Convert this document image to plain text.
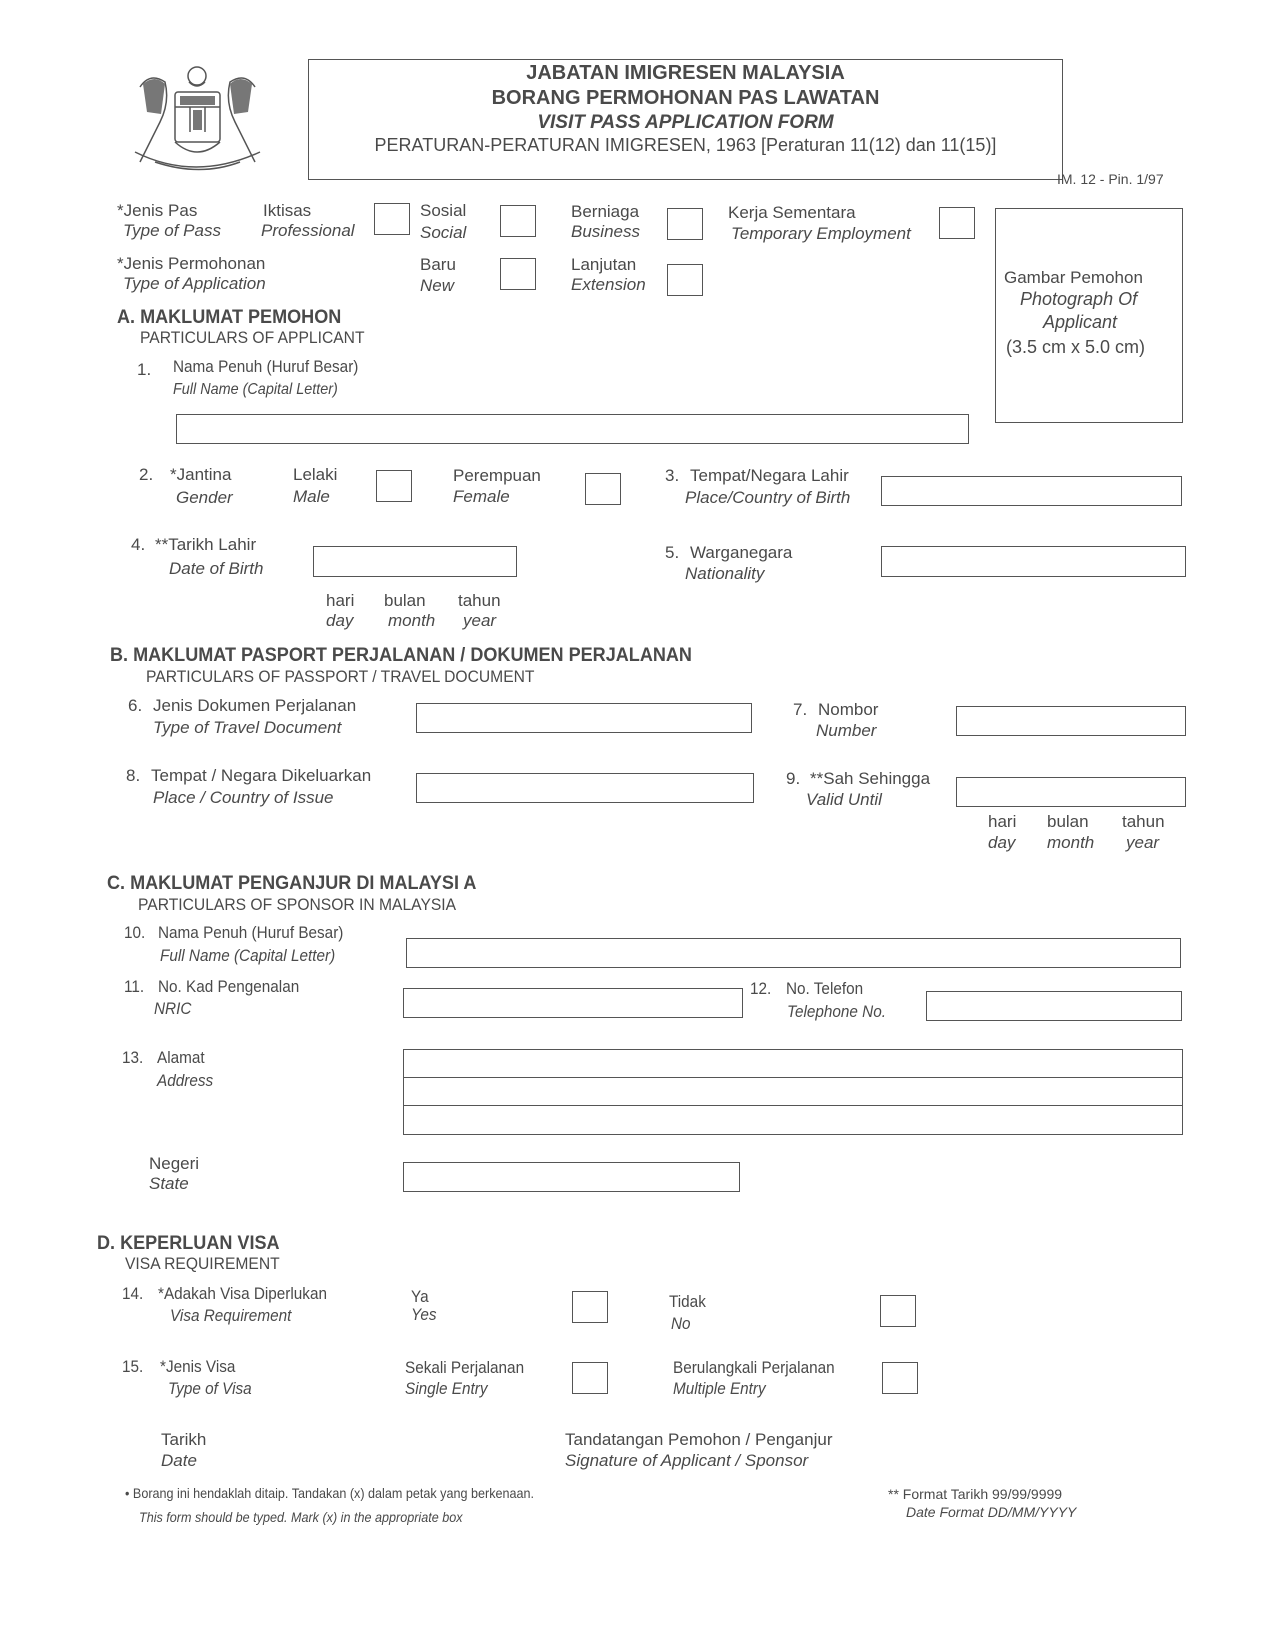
JABATAN IMIGRESEN MALAYSIA
BORANG PERMOHONAN PAS LAWATAN
VISIT PASS APPLICATION FORM
PERATURAN-PERATURAN IMIGRESEN, 1963 [Peraturan 11(12) dan 11(15)]
IM. 12 - Pin. 1/97
*Jenis Pas
Type of Pass
Iktisas
Professional
Sosial
Social
Berniaga
Business
Kerja Sementara
Temporary Employment
*Jenis Permohonan
Type of Application
Baru
New
Lanjutan
Extension	Gambar Pemohon
Photograph Of
Applicant
(3.5 cm x 5.0 cm)
A. MAKLUMAT PEMOHON
PARTICULARS OF APPLICANT
1. Nama Penuh (Huruf Besar)
Full Name (Capital Letter)
2. *Jantina
Gender
Lelaki
Male
Perempuan
Female
3. Tempat/Negara Lahir
Place/Country of Birth
4. **Tarikh Lahir
Date of Birth
hari
day
bulan
month
tahun
year
5. Warganegara
Nationality
B. MAKLUMAT PASPORT PERJALANAN / DOKUMEN PERJALANAN
PARTICULARS OF PASSPORT / TRAVEL DOCUMENT
6. Jenis Dokumen Perjalanan
Type of Travel Document
7. Nombor
Number
8. Tempat / Negara Dikeluarkan
Place / Country of Issue
9. **Sah Sehingga
Valid Until
hari
day
bulan
month
tahun
year
C. MAKLUMAT PENGANJUR DI MALAYSI A
PARTICULARS OF SPONSOR IN MALAYSIA
10. Nama Penuh (Huruf Besar)
Full Name (Capital Letter)
11. No. Kad Pengenalan
NRIC
12. No. Telefon
Telephone No.
13. Alamat
Address
Negeri
State
D. KEPERLUAN VISA
VISA REQUIREMENT
14. *Adakah Visa Diperlukan
Visa Requirement
Ya
Yes
Tidak
No
15. *Jenis Visa
Type of Visa
Sekali Perjalanan
Single Entry
Berulangkali Perjalanan
Multiple Entry
Tarikh
Date
Tandatangan Pemohon / Penganjur
Signature of Applicant / Sponsor
• Borang ini hendaklah ditaip. Tandakan (x) dalam petak yang berkenaan.
This form should be typed. Mark (x) in the appropriate box
** Format Tarikh 99/99/9999
Date Format DD/MM/YYYY
